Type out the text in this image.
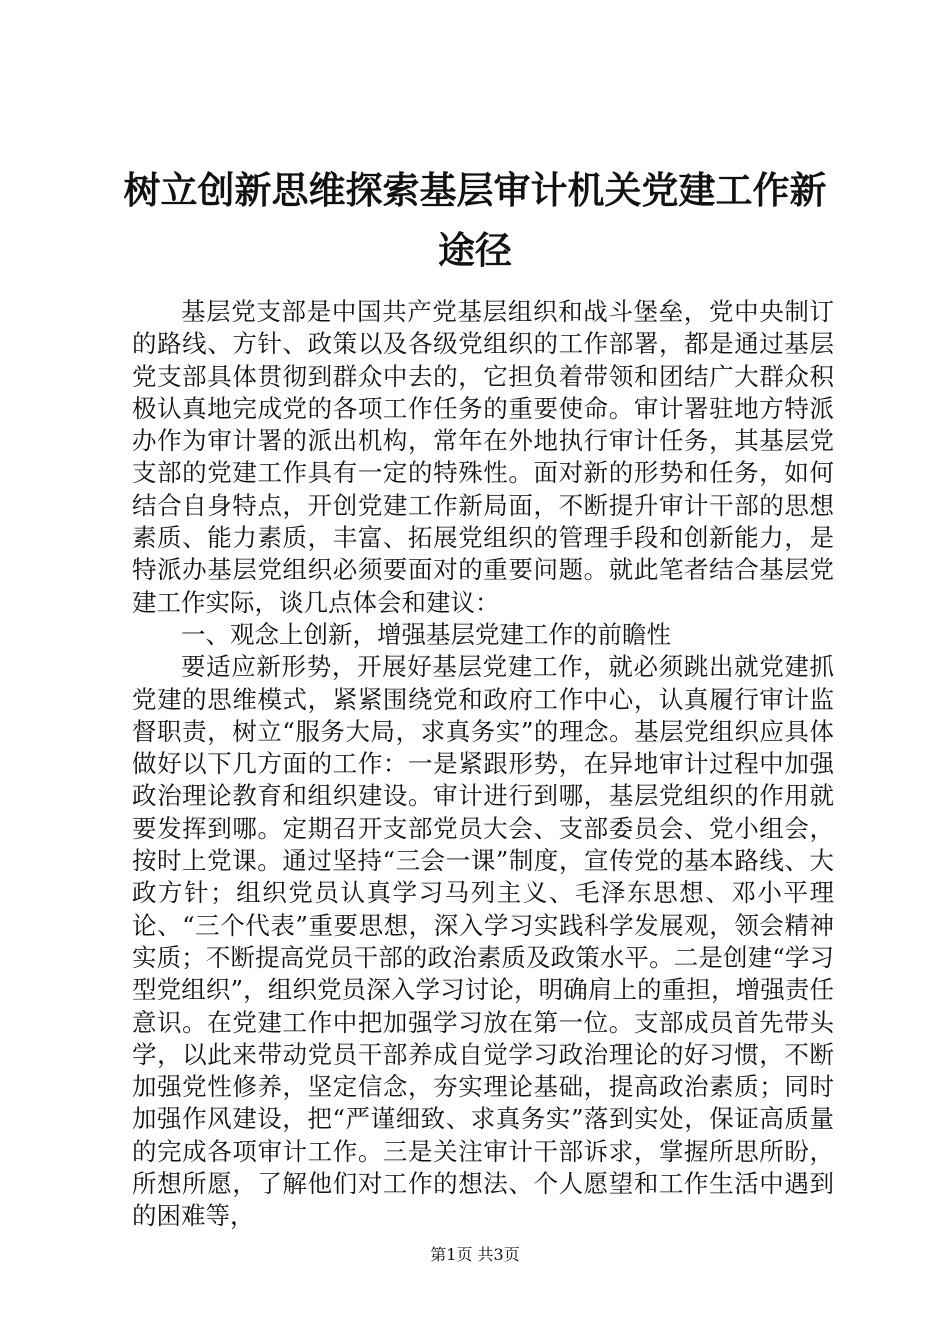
树立创新思维探索基层审计机关党建工作新途径

基层党支部是中国共产党基层组织和战斗堡垒，党中央制订的路线、方针、政策以及各级党组织的工作部署，都是通过基层党支部具体贯彻到群众中去的，它担负着带领和团结广大群众积极认真地完成党的各项工作任务的重要使命。审计署驻地方特派办作为审计署的派出机构，常年在外地执行审计任务，其基层党支部的党建工作具有一定的特殊性。面对新的形势和任务，如何结合自身特点，开创党建工作新局面，不断提升审计干部的思想素质、能力素质，丰富、拓展党组织的管理手段和创新能力，是特派办基层党组织必须要面对的重要问题。就此笔者结合基层党建工作实际，谈几点体会和建议：

一、观念上创新，增强基层党建工作的前瞻性

要适应新形势，开展好基层党建工作，就必须跳出就党建抓党建的思维模式，紧紧围绕党和政府工作中心，认真履行审计监督职责，树立“服务大局，求真务实”的理念。基层党组织应具体做好以下几方面的工作：一是紧跟形势，在异地审计过程中加强政治理论教育和组织建设。审计进行到哪，基层党组织的作用就要发挥到哪。定期召开支部党员大会、支部委员会、党小组会，按时上党课。通过坚持“三会一课”制度，宣传党的基本路线、大政方针；组织党员认真学习马列主义、毛泽东思想、邓小平理论、“三个代表”重要思想，深入学习实践科学发展观，领会精神实质；不断提高党员干部的政治素质及政策水平。二是创建“学习型党组织”，组织党员深入学习讨论，明确肩上的重担，增强责任意识。在党建工作中把加强学习放在第一位。支部成员首先带头学，以此来带动党员干部养成自觉学习政治理论的好习惯，不断加强党性修养，坚定信念，夯实理论基础，提高政治素质；同时加强作风建设，把“严谨细致、求真务实”落到实处，保证高质量的完成各项审计工作。三是关注审计干部诉求，掌握所思所盼，所想所愿，了解他们对工作的想法、个人愿望和工作生活中遇到的困难等，

第1页 共3页
